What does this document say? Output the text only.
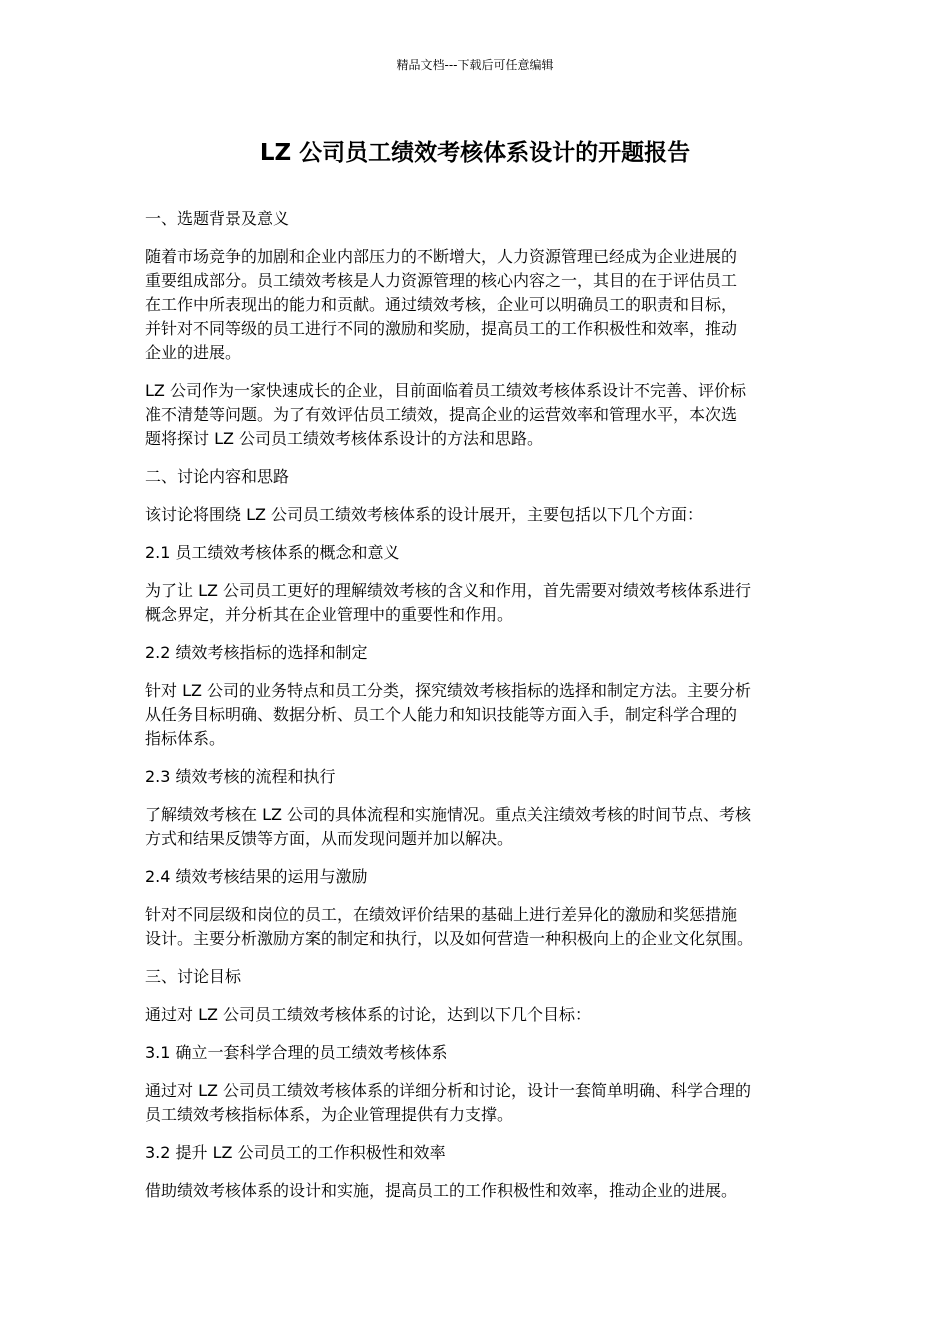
精品文档---下载后可任意编辑
LZ 公司员工绩效考核体系设计的开题报告

一、选题背景及意义

随着市场竞争的加剧和企业内部压力的不断增大，人力资源管理已经成为企业进展的
重要组成部分。员工绩效考核是人力资源管理的核心内容之一，其目的在于评估员工
在工作中所表现出的能力和贡献。通过绩效考核，企业可以明确员工的职责和目标，
并针对不同等级的员工进行不同的激励和奖励，提高员工的工作积极性和效率，推动
企业的进展。

LZ 公司作为一家快速成长的企业，目前面临着员工绩效考核体系设计不完善、评价标
准不清楚等问题。为了有效评估员工绩效，提高企业的运营效率和管理水平，本次选
题将探讨 LZ 公司员工绩效考核体系设计的方法和思路。

二、讨论内容和思路

该讨论将围绕 LZ 公司员工绩效考核体系的设计展开，主要包括以下几个方面：

2.1 员工绩效考核体系的概念和意义

为了让 LZ 公司员工更好的理解绩效考核的含义和作用，首先需要对绩效考核体系进行
概念界定，并分析其在企业管理中的重要性和作用。

2.2 绩效考核指标的选择和制定

针对 LZ 公司的业务特点和员工分类，探究绩效考核指标的选择和制定方法。主要分析
从任务目标明确、数据分析、员工个人能力和知识技能等方面入手，制定科学合理的
指标体系。

2.3 绩效考核的流程和执行

了解绩效考核在 LZ 公司的具体流程和实施情况。重点关注绩效考核的时间节点、考核
方式和结果反馈等方面，从而发现问题并加以解决。

2.4 绩效考核结果的运用与激励

针对不同层级和岗位的员工，在绩效评价结果的基础上进行差异化的激励和奖惩措施
设计。主要分析激励方案的制定和执行，以及如何营造一种积极向上的企业文化氛围。

三、讨论目标

通过对 LZ 公司员工绩效考核体系的讨论，达到以下几个目标：

3.1 确立一套科学合理的员工绩效考核体系

通过对 LZ 公司员工绩效考核体系的详细分析和讨论，设计一套简单明确、科学合理的
员工绩效考核指标体系，为企业管理提供有力支撑。

3.2 提升 LZ 公司员工的工作积极性和效率

借助绩效考核体系的设计和实施，提高员工的工作积极性和效率，推动企业的进展。
